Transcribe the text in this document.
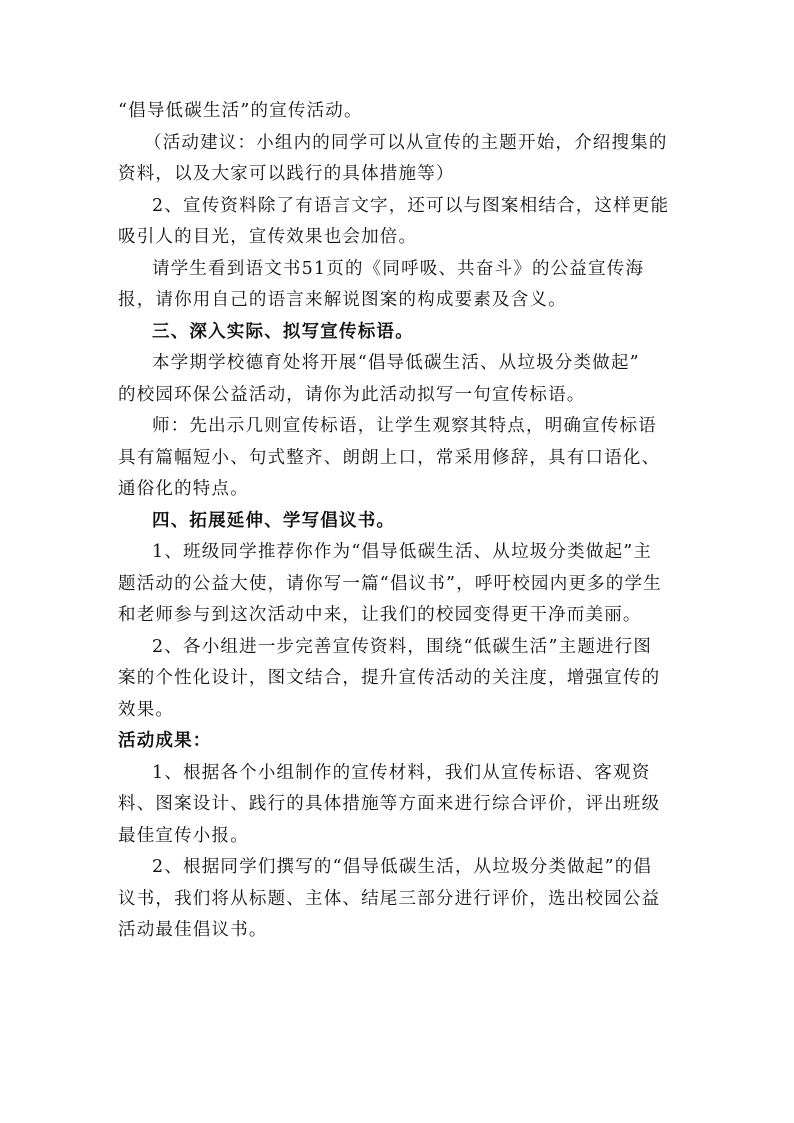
“倡导低碳生活”的宣传活动。
（活动建议：小组内的同学可以从宣传的主题开始，介绍搜集的
资料，以及大家可以践行的具体措施等）
2、宣传资料除了有语言文字，还可以与图案相结合，这样更能
吸引人的目光，宣传效果也会加倍。
请学生看到语文书51页的《同呼吸、共奋斗》的公益宣传海
报，请你用自己的语言来解说图案的构成要素及含义。
三、深入实际、拟写宣传标语。
本学期学校德育处将开展“倡导低碳生活、从垃圾分类做起”
的校园环保公益活动，请你为此活动拟写一句宣传标语。
师：先出示几则宣传标语，让学生观察其特点，明确宣传标语
具有篇幅短小、句式整齐、朗朗上口，常采用修辞，具有口语化、
通俗化的特点。
四、拓展延伸、学写倡议书。
1、班级同学推荐你作为“倡导低碳生活、从垃圾分类做起”主
题活动的公益大使，请你写一篇“倡议书”，呼吁校园内更多的学生
和老师参与到这次活动中来，让我们的校园变得更干净而美丽。
2、各小组进一步完善宣传资料，围绕“低碳生活”主题进行图
案的个性化设计，图文结合，提升宣传活动的关注度，增强宣传的
效果。
活动成果：
1、根据各个小组制作的宣传材料，我们从宣传标语、客观资
料、图案设计、践行的具体措施等方面来进行综合评价，评出班级
最佳宣传小报。
2、根据同学们撰写的“倡导低碳生活，从垃圾分类做起”的倡
议书，我们将从标题、主体、结尾三部分进行评价，选出校园公益
活动最佳倡议书。
